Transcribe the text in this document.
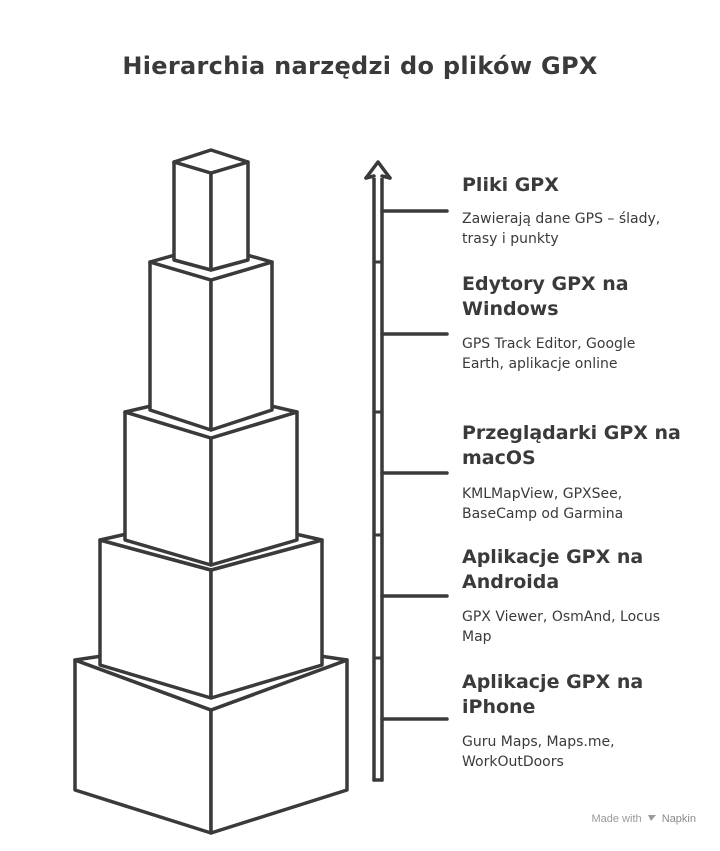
Hierarchia narzędzi do plików GPX
Pliki GPX
Zawierają dane GPS – ślady, trasy i punkty
Edytory GPX na Windows
GPS Track Editor, Google Earth, aplikacje online
Przeglądarki GPX na macOS
KMLMapView, GPXSee, BaseCamp od Garmina
Aplikacje GPX na Androida
GPX Viewer, OsmAnd, Locus Map
Aplikacje GPX na iPhone
Guru Maps, Maps.me, WorkOutDoors
Made with Napkin
